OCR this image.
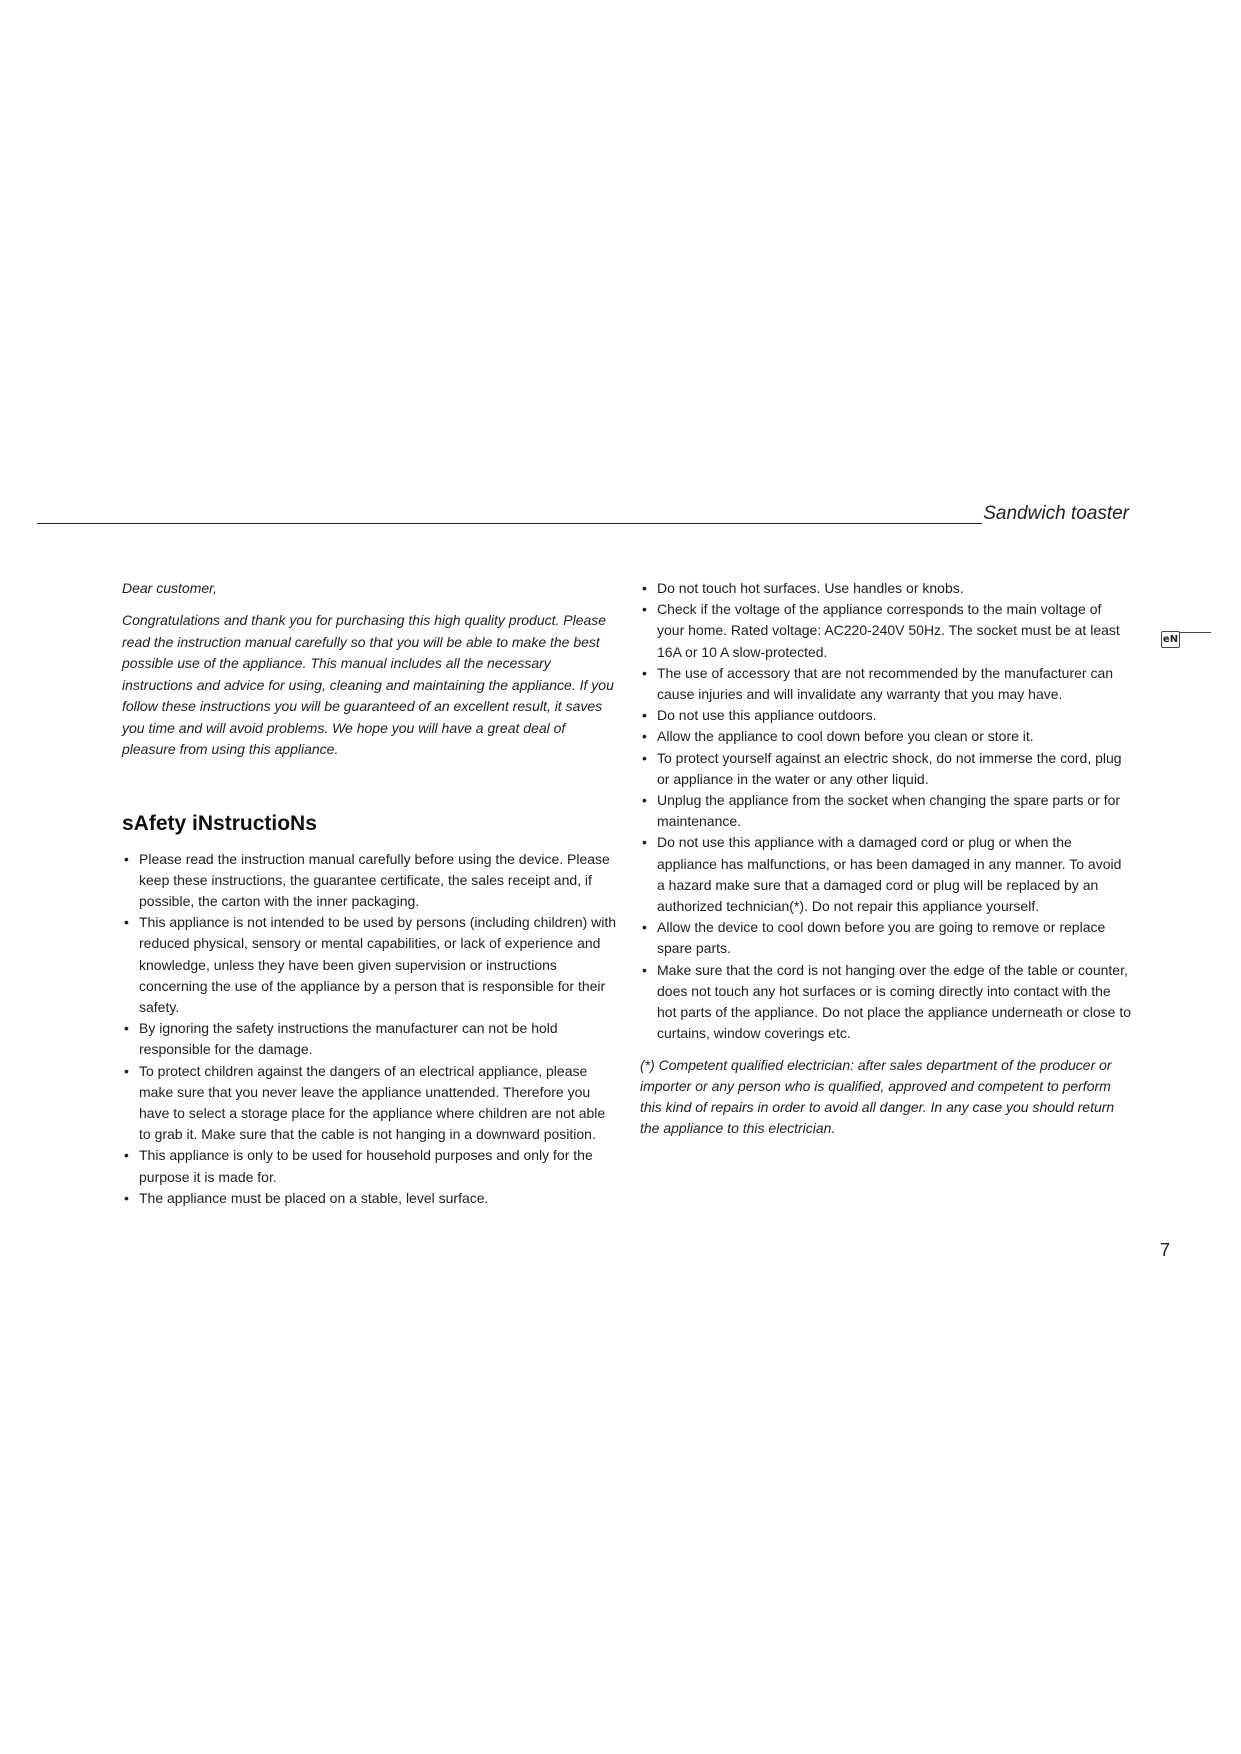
Sandwich toaster
eN

Dear customer,

Congratulations and thank you for purchasing this high quality product. Please read the instruction manual carefully so that you will be able to make the best possible use of the appliance. This manual includes all the necessary instructions and advice for using, cleaning and maintaining the appliance. If you follow these instructions you will be guaranteed of an excellent result, it saves you time and will avoid problems. We hope you will have a great deal of pleasure from using this appliance.

sAfety iNstructioNs
• Please read the instruction manual carefully before using the device. Please keep these instructions, the guarantee certificate, the sales receipt and, if possible, the carton with the inner packaging.
• This appliance is not intended to be used by persons (including children) with reduced physical, sensory or mental capabilities, or lack of experience and knowledge, unless they have been given supervision or instructions concerning the use of the appliance by a person that is responsible for their safety.
• By ignoring the safety instructions the manufacturer can not be hold responsible for the damage.
• To protect children against the dangers of an electrical appliance, please make sure that you never leave the appliance unattended. Therefore you have to select a storage place for the appliance where children are not able to grab it. Make sure that the cable is not hanging in a downward position.
• This appliance is only to be used for household purposes and only for the purpose it is made for.
• The appliance must be placed on a stable, level surface.
• Do not touch hot surfaces. Use handles or knobs.
• Check if the voltage of the appliance corresponds to the main voltage of your home. Rated voltage: AC220-240V 50Hz. The socket must be at least 16A or 10 A slow-protected.
• The use of accessory that are not recommended by the manufacturer can cause injuries and will invalidate any warranty that you may have.
• Do not use this appliance outdoors.
• Allow the appliance to cool down before you clean or store it.
• To protect yourself against an electric shock, do not immerse the cord, plug or appliance in the water or any other liquid.
• Unplug the appliance from the socket when changing the spare parts or for maintenance.
• Do not use this appliance with a damaged cord or plug or when the appliance has malfunctions, or has been damaged in any manner. To avoid a hazard make sure that a damaged cord or plug will be replaced by an authorized technician(*). Do not repair this appliance yourself.
• Allow the device to cool down before you are going to remove or replace spare parts.
• Make sure that the cord is not hanging over the edge of the table or counter, does not touch any hot surfaces or is coming directly into contact with the hot parts of the appliance. Do not place the appliance underneath or close to curtains, window coverings etc.

(*) Competent qualified electrician: after sales department of the producer or importer or any person who is qualified, approved and competent to perform this kind of repairs in order to avoid all danger. In any case you should return the appliance to this electrician.

7
